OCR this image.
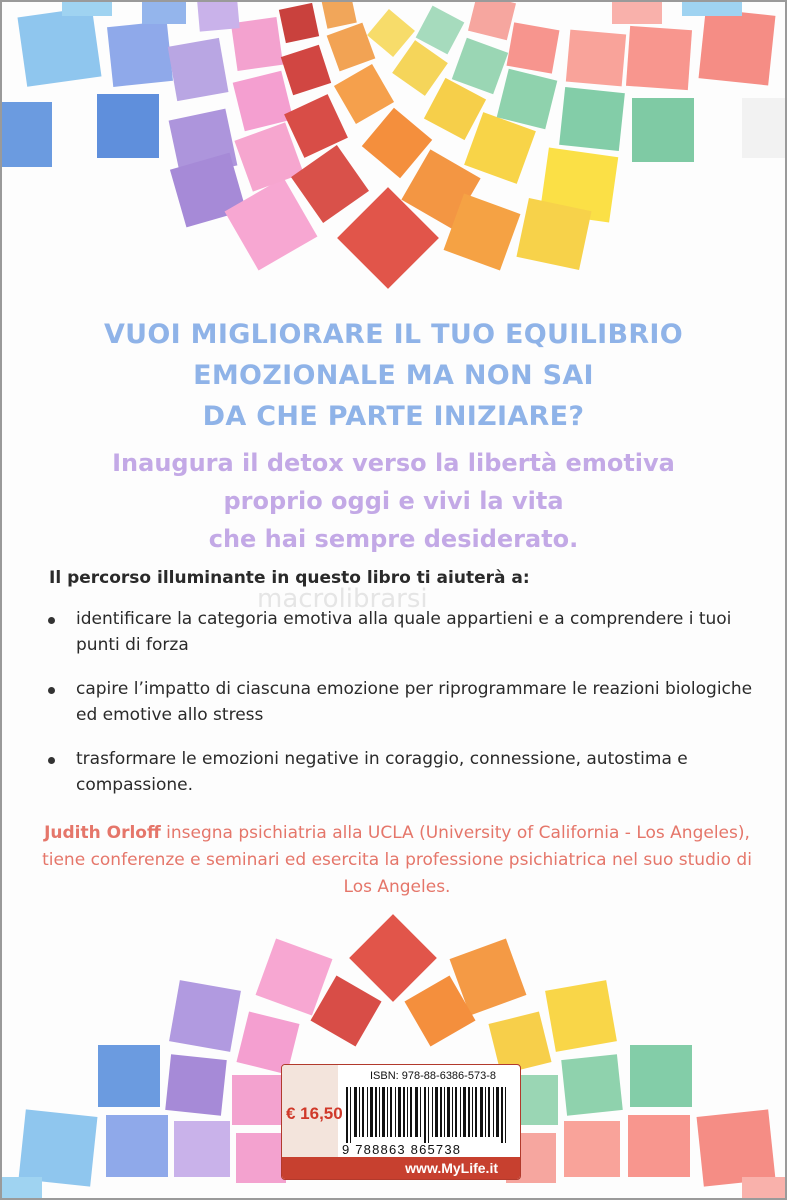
macrolibrarsi
VUOI MIGLIORARE IL TUO EQUILIBRIO
EMOZIONALE MA NON SAI
DA CHE PARTE INIZIARE?
Inaugura il detox verso la libertà emotiva
proprio oggi e vivi la vita
che hai sempre desiderato.
Il percorso illuminante in questo libro ti aiuterà a:
identificare la categoria emotiva alla quale appartieni e a comprendere i tuoi punti di forza
capire l’impatto di ciascuna emozione per riprogrammare le reazioni biologiche ed emotive allo stress
trasformare le emozioni negative in coraggio, connessione, autostima e compassione.
Judith Orloff insegna psichiatria alla UCLA (University of California - Los Angeles), tiene conferenze e seminari ed esercita la professione psichiatrica nel suo studio di Los Angeles.
ISBN: 978-88-6386-573-8
€ 16,50
9 788863 865738
www.MyLife.it
